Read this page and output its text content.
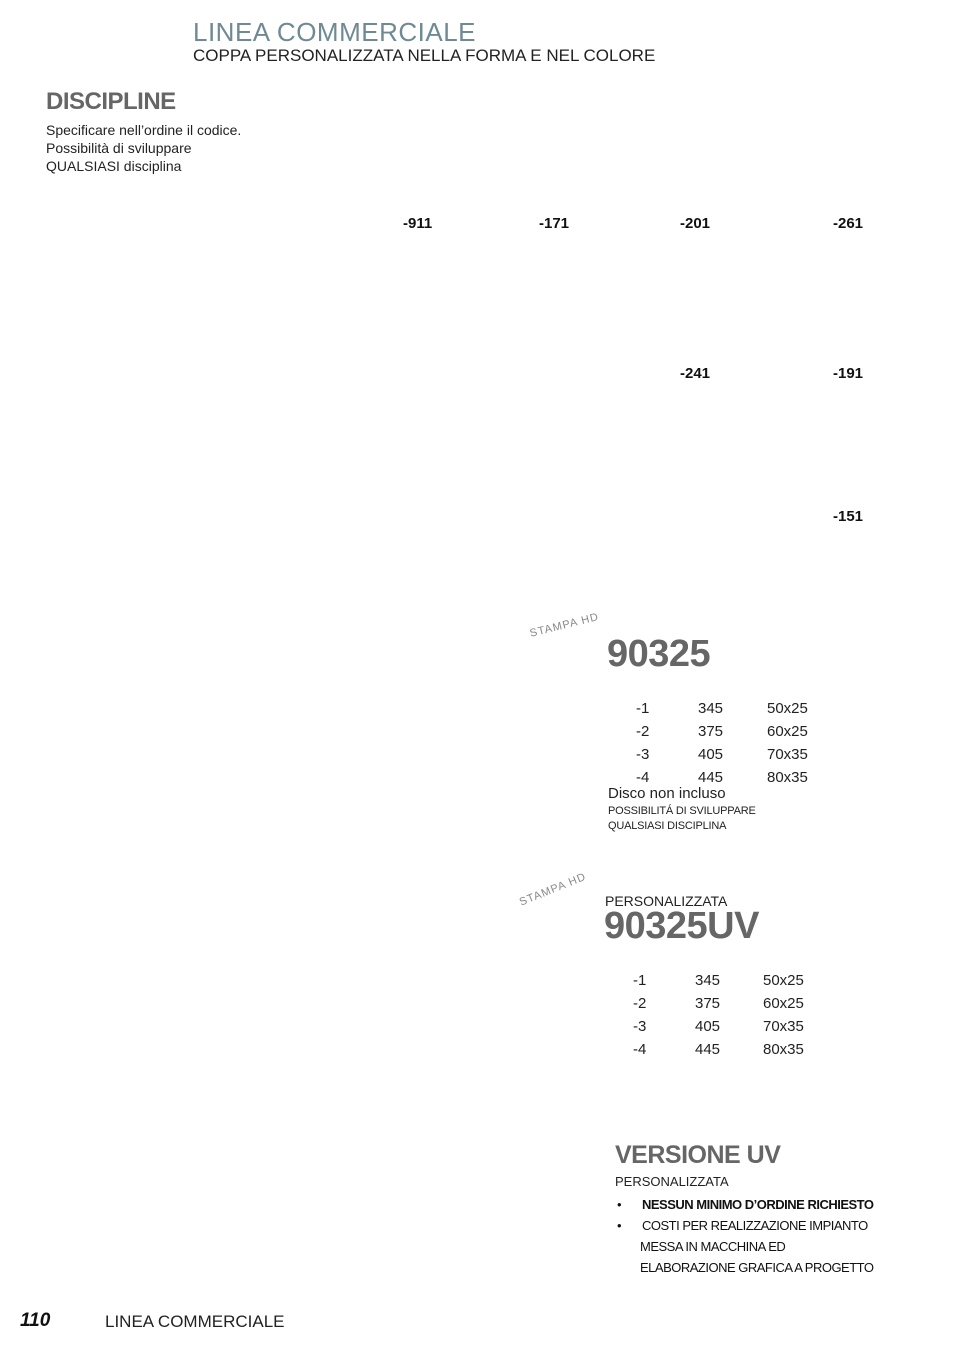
LINEA COMMERCIALE
COPPA PERSONALIZZATA NELLA FORMA E NEL COLORE
DISCIPLINE
Specificare nell’ordine il codice.
Possibilità di sviluppare
QUALSIASI disciplina
-911	-171	-201	-261
-241	-191
-151
STAMPA HD
90325
-1	345	50x25
-2	375	60x25
-3	405	70x35
-4	445	80x35
Disco non incluso
POSSIBILITÁ DI SVILUPPARE
QUALSIASI DISCIPLINA
STAMPA HD PERSONALIZZATA
90325UV
-1	345	50x25
-2	375	60x25
-3	405	70x35
-4	445	80x35
VERSIONE UV
PERSONALIZZATA
• NESSUN MINIMO D’ORDINE RICHIESTO
• COSTI PER REALIZZAZIONE IMPIANTO
MESSA IN MACCHINA ED
ELABORAZIONE GRAFICA A PROGETTO
110	LINEA COMMERCIALE
